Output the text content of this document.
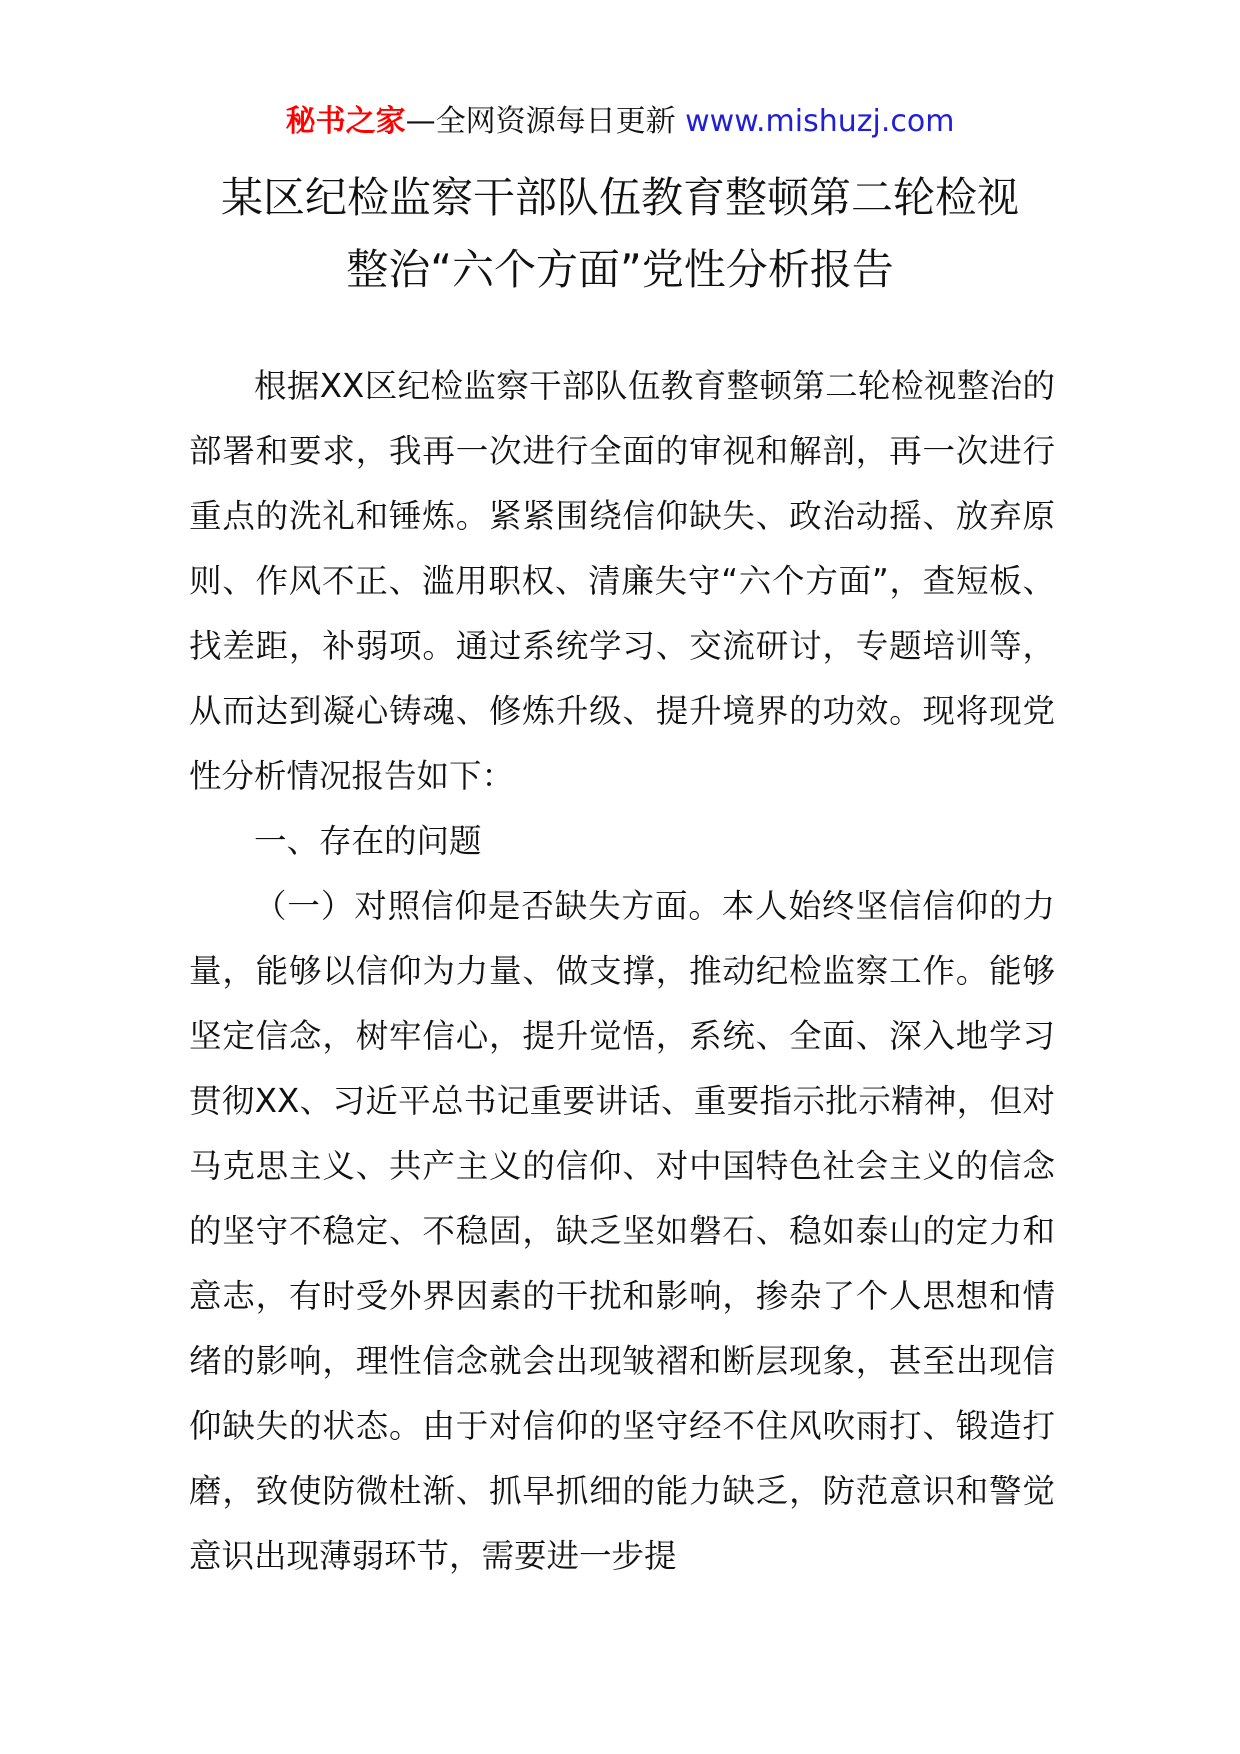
秘书之家—全网资源每日更新 www.mishuzj.com
某区纪检监察干部队伍教育整顿第二轮检视
整治“六个方面”党性分析报告

根据XX区纪检监察干部队伍教育整顿第二轮检视整治的部署和要求，我再一次进行全面的审视和解剖，再一次进行重点的洗礼和锤炼。紧紧围绕信仰缺失、政治动摇、放弃原则、作风不正、滥用职权、清廉失守“六个方面”，查短板、找差距，补弱项。通过系统学习、交流研讨，专题培训等，从而达到凝心铸魂、修炼升级、提升境界的功效。现将现党性分析情况报告如下：

一、存在的问题

（一）对照信仰是否缺失方面。本人始终坚信信仰的力量，能够以信仰为力量、做支撑，推动纪检监察工作。能够坚定信念，树牢信心，提升觉悟，系统、全面、深入地学习贯彻XX、习近平总书记重要讲话、重要指示批示精神，但对马克思主义、共产主义的信仰、对中国特色社会主义的信念的坚守不稳定、不稳固，缺乏坚如磐石、稳如泰山的定力和意志，有时受外界因素的干扰和影响，掺杂了个人思想和情绪的影响，理性信念就会出现皱褶和断层现象，甚至出现信仰缺失的状态。由于对信仰的坚守经不住风吹雨打、锻造打磨，致使防微杜渐、抓早抓细的能力缺乏，防范意识和警觉意识出现薄弱环节，需要进一步提
